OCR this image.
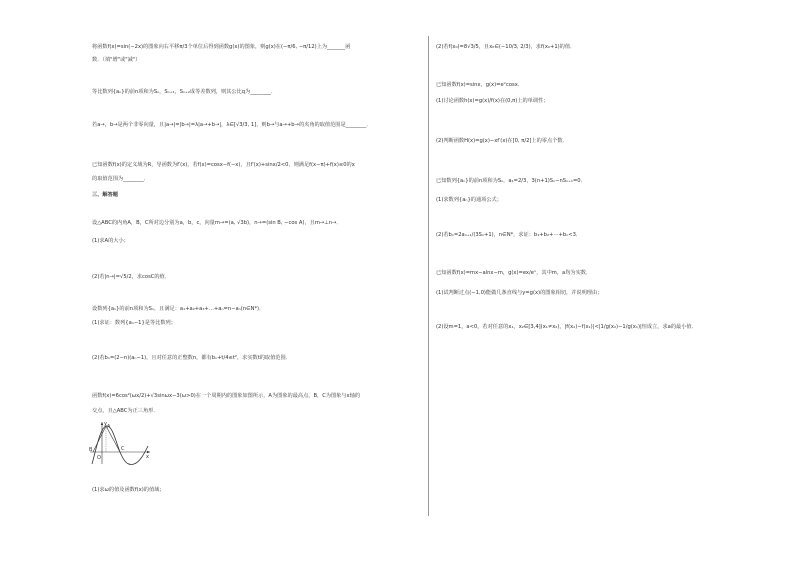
将函数f(x)=sin(−2x)的图象向右平移π/3个单位后得到函数g(x)的图象，则g(x)在(−π/6, −π/12)上为_______函
数．（填"增"或"减"）
等比数列{aₙ}的前n项和为Sₙ，Sₙ₊₁，Sₙ₊₂成等差数列，则其公比q为________．
若a→，b→是两个非零向量，且|a→|=|b→|=λ|a→+b→|，λ∈[√3/3, 1]，则b→与a→+b→的夹角的取值范围是________．
已知函数f(x)的定义域为R，导函数为f′(x)，若f(x)=cosx−f(−x)，且f′(x)+sinx/2<0，则满足f(x−π)+f(x)≤0的x
的取值范围为________．
三、解答题
设△ABC的内角A，B，C所对边分别为a，b，c，向量m→=(a, √3b)，n→=(sin B, −cos A)，且m→⊥n→．
(1)求A的大小；
(2)若|n→|=√5/2，求cosC的值．
设数列{aₙ}的前n项和为Sₙ，且满足：a₁+a₂+a₃+…+aₙ=n−aₙ(n∈N*)．
(1)求证：数列{aₙ−1}是等比数列；
(2)若bₙ=(2−n)(aₙ−1)，且对任意的正整数n，都有bₙ+t/4≤t²，求实数t的取值范围．
函数f(x)=6cos²(ωx/2)+√3sinωx−3(ω>0)在一个周期内的图象如图所示，A为图象的最高点，B，C为图象与x轴的
交点，且△ABC为正三角形．
y A
B
O
C
x
(1)求ω的值及函数f(x)的值域；
(2)若f(x₀)=8√3/5，且x₀∈(−10/3, 2/3)，求f(x₀+1)的值．
已知函数f(x)=sinx，g(x)=eˣcosx．
(1)讨论函数h(x)=g(x)/f(x)在(0,π)上的单调性；
(2)判断函数H(x)=g(x)−xf′(x)在[0, π/2]上的零点个数．
已知数列{aₙ}的前n项和为Sₙ，a₁=2/3，3(n+1)Sₙ−nSₙ₊₁=0．
(1)求数列{aₙ}的通项公式；
(2)若bₙ=2aₙ₊₁/(3Sₙ+1)，n∈N*，求证：b₁+b₂+⋯+bₙ<3．
已知函数f(x)=mx−alnx−m，g(x)=ex/eˣ，其中m，a均为实数．
(1)试判断过点(−1,0)能做几条直线与y=g(x)的图象相切，并说明理由；
(2)设m=1，a<0，若对任意的x₁，x₂∈[3,4](x₁≠x₂)，|f(x₂)−f(x₁)|<|1/g(x₂)−1/g(x₁)|恒成立，求a的最小值．
